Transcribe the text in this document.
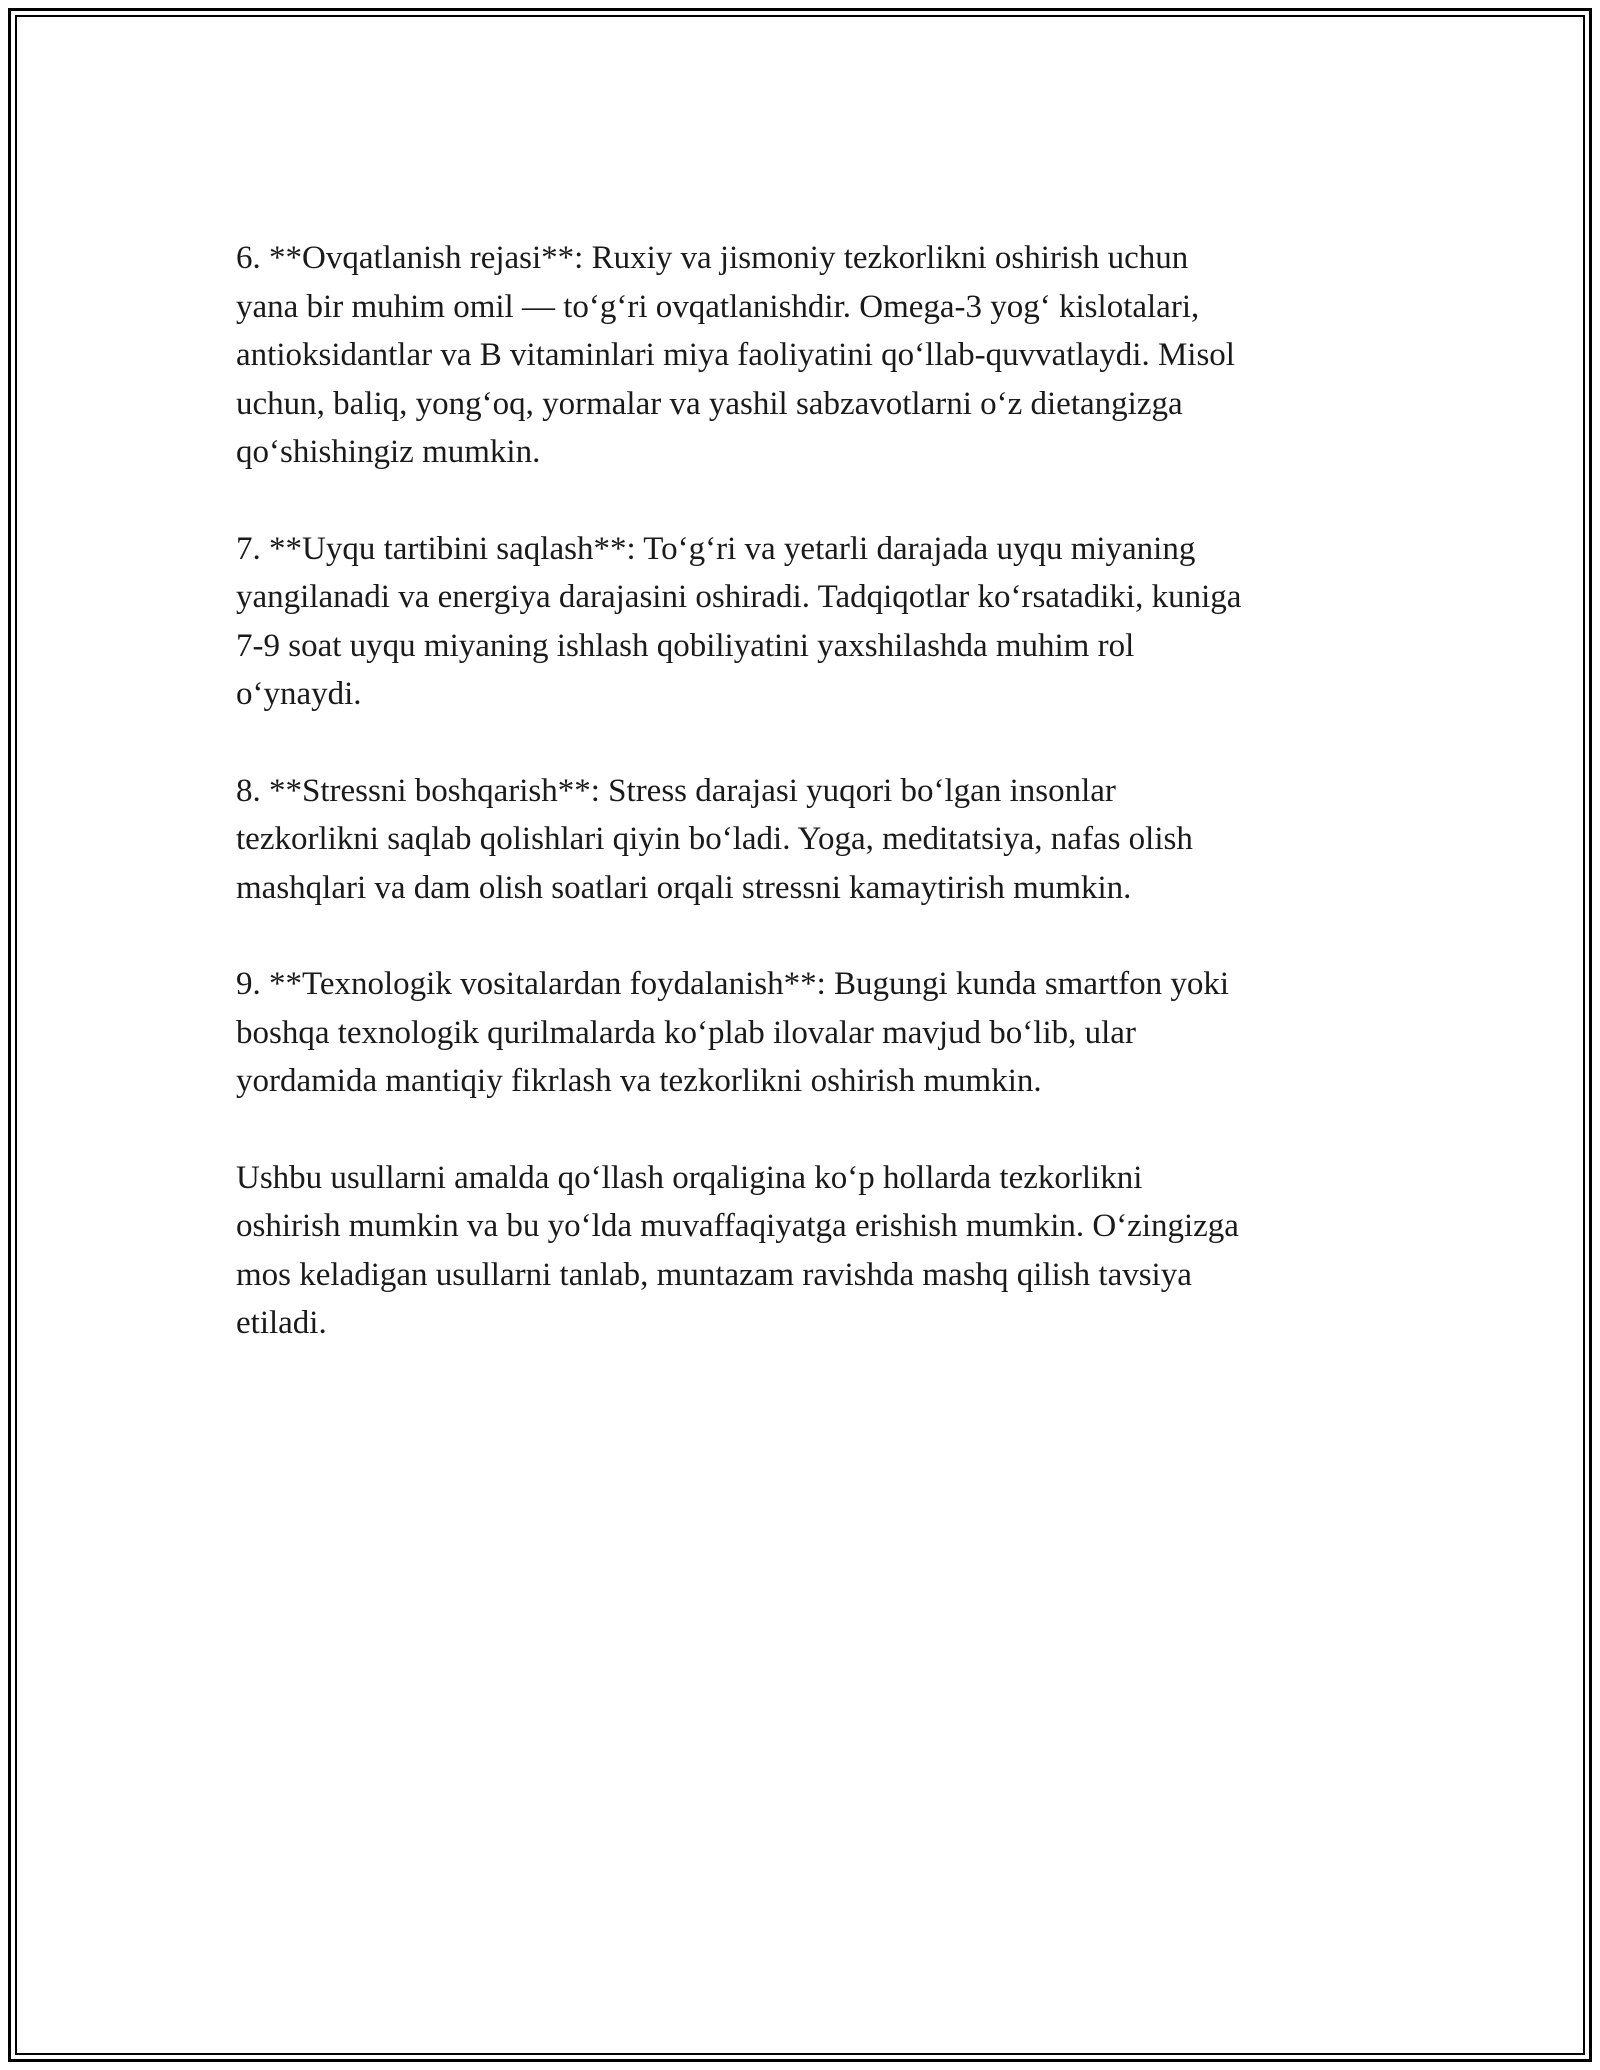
6. **Ovqatlanish rejasi**: Ruxiy va jismoniy tezkorlikni oshirish uchun
yana bir muhim omil — to‘g‘ri ovqatlanishdir. Omega-3 yog‘ kislotalari,
antioksidantlar va B vitaminlari miya faoliyatini qo‘llab-quvvatlaydi. Misol
uchun, baliq, yong‘oq, yormalar va yashil sabzavotlarni o‘z dietangizga
qo‘shishingiz mumkin.

7. **Uyqu tartibini saqlash**: To‘g‘ri va yetarli darajada uyqu miyaning
yangilanadi va energiya darajasini oshiradi. Tadqiqotlar ko‘rsatadiki, kuniga
7-9 soat uyqu miyaning ishlash qobiliyatini yaxshilashda muhim rol
o‘ynaydi.

8. **Stressni boshqarish**: Stress darajasi yuqori bo‘lgan insonlar
tezkorlikni saqlab qolishlari qiyin bo‘ladi. Yoga, meditatsiya, nafas olish
mashqlari va dam olish soatlari orqali stressni kamaytirish mumkin.

9. **Texnologik vositalardan foydalanish**: Bugungi kunda smartfon yoki
boshqa texnologik qurilmalarda ko‘plab ilovalar mavjud bo‘lib, ular
yordamida mantiqiy fikrlash va tezkorlikni oshirish mumkin.

Ushbu usullarni amalda qo‘llash orqaligina ko‘p hollarda tezkorlikni
oshirish mumkin va bu yo‘lda muvaffaqiyatga erishish mumkin. O‘zingizga
mos keladigan usullarni tanlab, muntazam ravishda mashq qilish tavsiya
etiladi.
